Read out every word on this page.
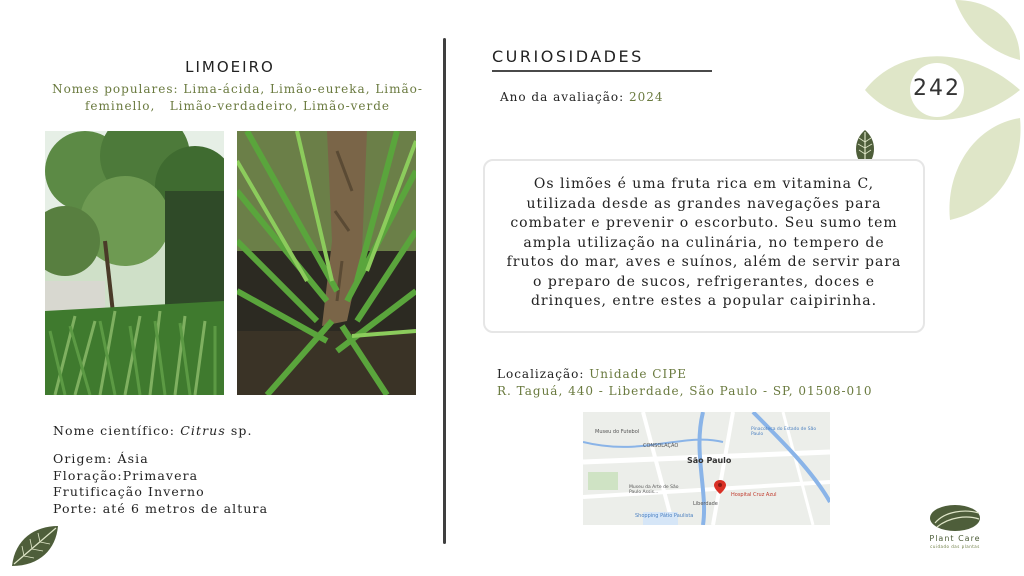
242
LIMOEIRO
Nomes populares: Lima-ácida, Limão-eureka, Limão-
feminello,   Limão-verdadeiro, Limão-verde
Nome científico: Citrus sp.
Origem: Ásia
Floração:Primavera
Frutificação Inverno
Porte: até 6 metros de altura
CURIOSIDADES
Ano da avaliação: 2024

Os limões é uma fruta rica em vitamina C, utilizada desde as grandes navegações para combater e prevenir o escorbuto. Seu sumo tem ampla utilização na culinária, no tempero de frutos do mar, aves e suínos, além de servir para o preparo de sucos, refrigerantes, doces e drinques, entre estes a popular caipirinha.

Localização: Unidade CIPE
R. Taguá, 440 - Liberdade, São Paulo - SP, 01508-010
Museu do Futebol
CONSOLAÇÃO
São Paulo
Museu da Arte de São Paulo Assis...
Liberdade
Shopping Pátio Paulista
Hospital Cruz Azul
Pinacoteca do Estado de São Paulo
Plant Care
cuidado das plantas
